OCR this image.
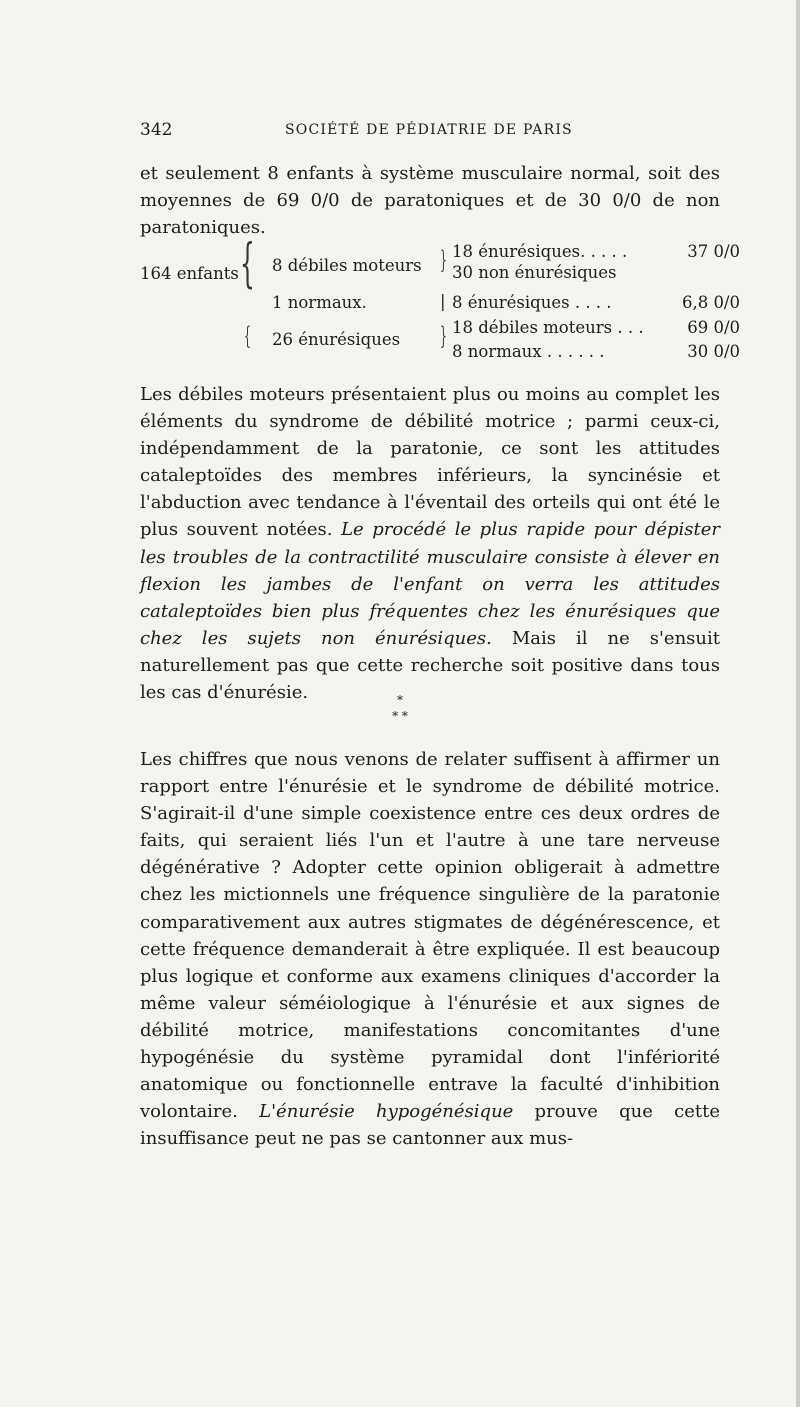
342	SOCIÉTÉ DE PÉDIATRIE DE PARIS

et seulement 8 enfants à système musculaire normal, soit des moyennes de 69 0/0 de paratoniques et de 30 0/0 de non paratoniques.

164 enfants { 8 débiles moteurs } 18 énurésiques. . . . .	37 0/0
30 non énurésiques
1 normaux.	| 8 énurésiques . . . .	6,8 0/0
{ 26 énurésiques } 18 débiles moteurs . . .	69 0/0
8 normaux . . . . . .	30 0/0

Les débiles moteurs présentaient plus ou moins au complet les éléments du syndrome de débilité motrice ; parmi ceux-ci, indépendamment de la paratonie, ce sont les attitudes cataleptoïdes des membres inférieurs, la syncinésie et l'abduction avec tendance à l'éventail des orteils qui ont été le plus souvent notées. Le procédé le plus rapide pour dépister les troubles de la contractilité musculaire consiste à élever en flexion les jambes de l'enfant on verra les attitudes cataleptoïdes bien plus fréquentes chez les énurésiques que chez les sujets non énurésiques. Mais il ne s'ensuit naturellement pas que cette recherche soit positive dans tous les cas d'énurésie.	*
* *

Les chiffres que nous venons de relater suffisent à affirmer un rapport entre l'énurésie et le syndrome de débilité motrice. S'agirait-il d'une simple coexistence entre ces deux ordres de faits, qui seraient liés l'un et l'autre à une tare nerveuse dégénérative ? Adopter cette opinion obligerait à admettre chez les mictionnels une fréquence singulière de la paratonie comparativement aux autres stigmates de dégénérescence, et cette fréquence demanderait à être expliquée. Il est beaucoup plus logique et conforme aux examens cliniques d'accorder la même valeur séméiologique à l'énurésie et aux signes de débilité motrice, manifestations concomitantes d'une hypogénésie du système pyramidal dont l'infériorité anatomique ou fonctionnelle entrave la faculté d'inhibition volontaire. L'énurésie hypogénésique prouve que cette insuffisance peut ne pas se cantonner aux mus-
